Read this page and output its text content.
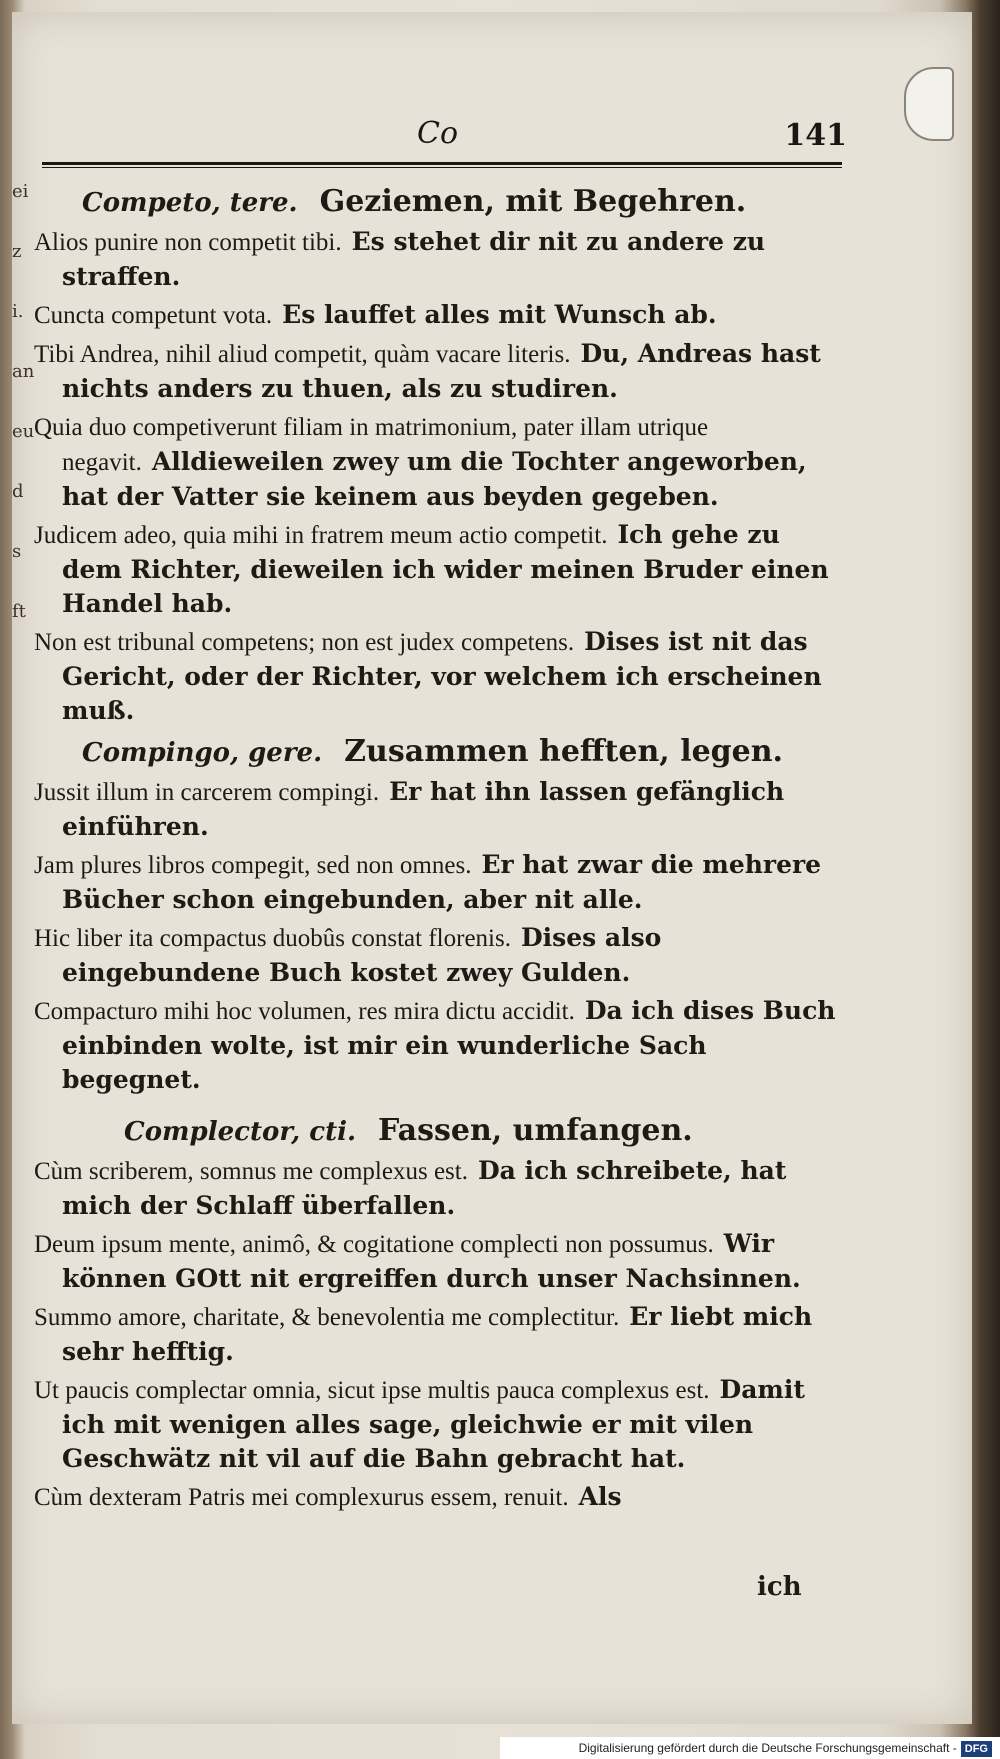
ei
z
i.
an
eu
d
s
ft
Co	141

Competo, tere. Geziemen, mit Begehren.

Alios punire non competit tibi. Es stehet dir nit zu andere zu straffen.

Cuncta competunt vota. Es lauffet alles mit Wunsch ab.

Tibi Andrea, nihil aliud competit, quàm vacare literis. Du, Andreas hast nichts anders zu thuen, als zu studiren.

Quia duo competiverunt filiam in matrimonium, pater illam utrique negavit. Alldieweilen zwey um die Tochter angeworben, hat der Vatter sie keinem aus beyden gegeben.

Judicem adeo, quia mihi in fratrem meum actio competit. Ich gehe zu dem Richter, dieweilen ich wider meinen Bruder einen Handel hab.

Non est tribunal competens; non est judex competens. Dises ist nit das Gericht, oder der Richter, vor welchem ich erscheinen muß.

Compingo, gere. Zusammen hefften, legen.

Jussit illum in carcerem compingi. Er hat ihn lassen gefänglich einführen.

Jam plures libros compegit, sed non omnes. Er hat zwar die mehrere Bücher schon eingebunden, aber nit alle.

Hic liber ita compactus duobûs constat florenis. Dises also eingebundene Buch kostet zwey Gulden.

Compacturo mihi hoc volumen, res mira dictu accidit. Da ich dises Buch einbinden wolte, ist mir ein wunderliche Sach begegnet.

Complector, cti. Fassen, umfangen.

Cùm scriberem, somnus me complexus est. Da ich schreibete, hat mich der Schlaff überfallen.

Deum ipsum mente, animô, & cogitatione complecti non possumus. Wir können GOtt nit ergreiffen durch unser Nachsinnen.

Summo amore, charitate, & benevolentia me complectitur. Er liebt mich sehr hefftig.

Ut paucis complectar omnia, sicut ipse multis pauca complexus est. Damit ich mit wenigen alles sage, gleichwie er mit vilen Geschwätz nit vil auf die Bahn gebracht hat.

Cùm dexteram Patris mei complexurus essem, renuit. Als

ich
Digitalisierung gefördert durch die Deutsche Forschungsgemeinschaft - DFG
